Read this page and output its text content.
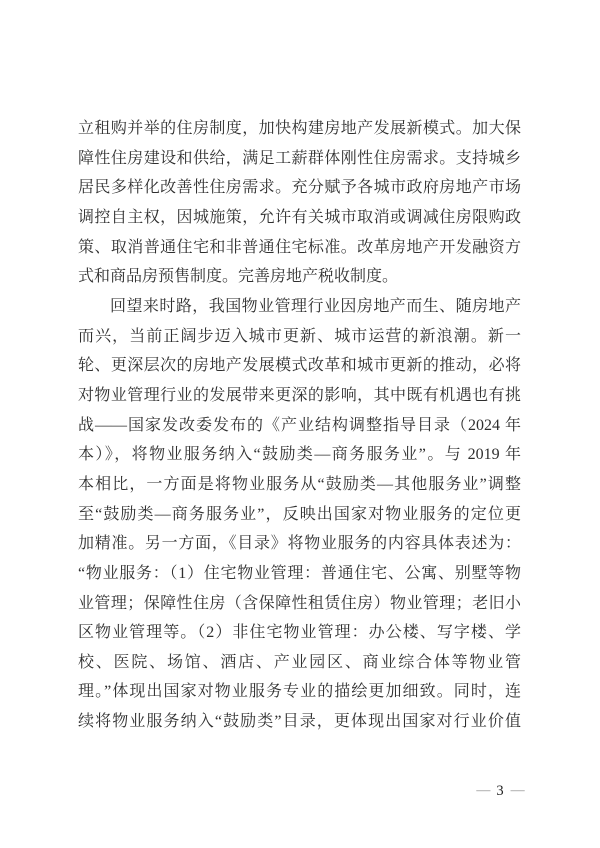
立租购并举的住房制度，加快构建房地产发展新模式。加大保
障性住房建设和供给，满足工薪群体刚性住房需求。支持城乡
居民多样化改善性住房需求。充分赋予各城市政府房地产市场
调控自主权，因城施策，允许有关城市取消或调减住房限购政
策、取消普通住宅和非普通住宅标准。改革房地产开发融资方
式和商品房预售制度。完善房地产税收制度。
回望来时路，我国物业管理行业因房地产而生、随房地产
而兴，当前正阔步迈入城市更新、城市运营的新浪潮。新一
轮、更深层次的房地产发展模式改革和城市更新的推动，必将
对物业管理行业的发展带来更深的影响，其中既有机遇也有挑
战——国家发改委发布的《产业结构调整指导目录（2024 年
本）》，将物业服务纳入“鼓励类—商务服务业”。与 2019 年
本相比，一方面是将物业服务从“鼓励类—其他服务业”调整
至“鼓励类—商务服务业”，反映出国家对物业服务的定位更
加精准。另一方面，《目录》将物业服务的内容具体表述为：
“物业服务：（1）住宅物业管理：普通住宅、公寓、别墅等物
业管理；保障性住房（含保障性租赁住房）物业管理；老旧小
区物业管理等。（2）非住宅物业管理：办公楼、写字楼、学
校、医院、场馆、酒店、产业园区、商业综合体等物业管
理。”体现出国家对物业服务专业的描绘更加细致。同时，连
续将物业服务纳入“鼓励类”目录，更体现出国家对行业价值
— 3 —
